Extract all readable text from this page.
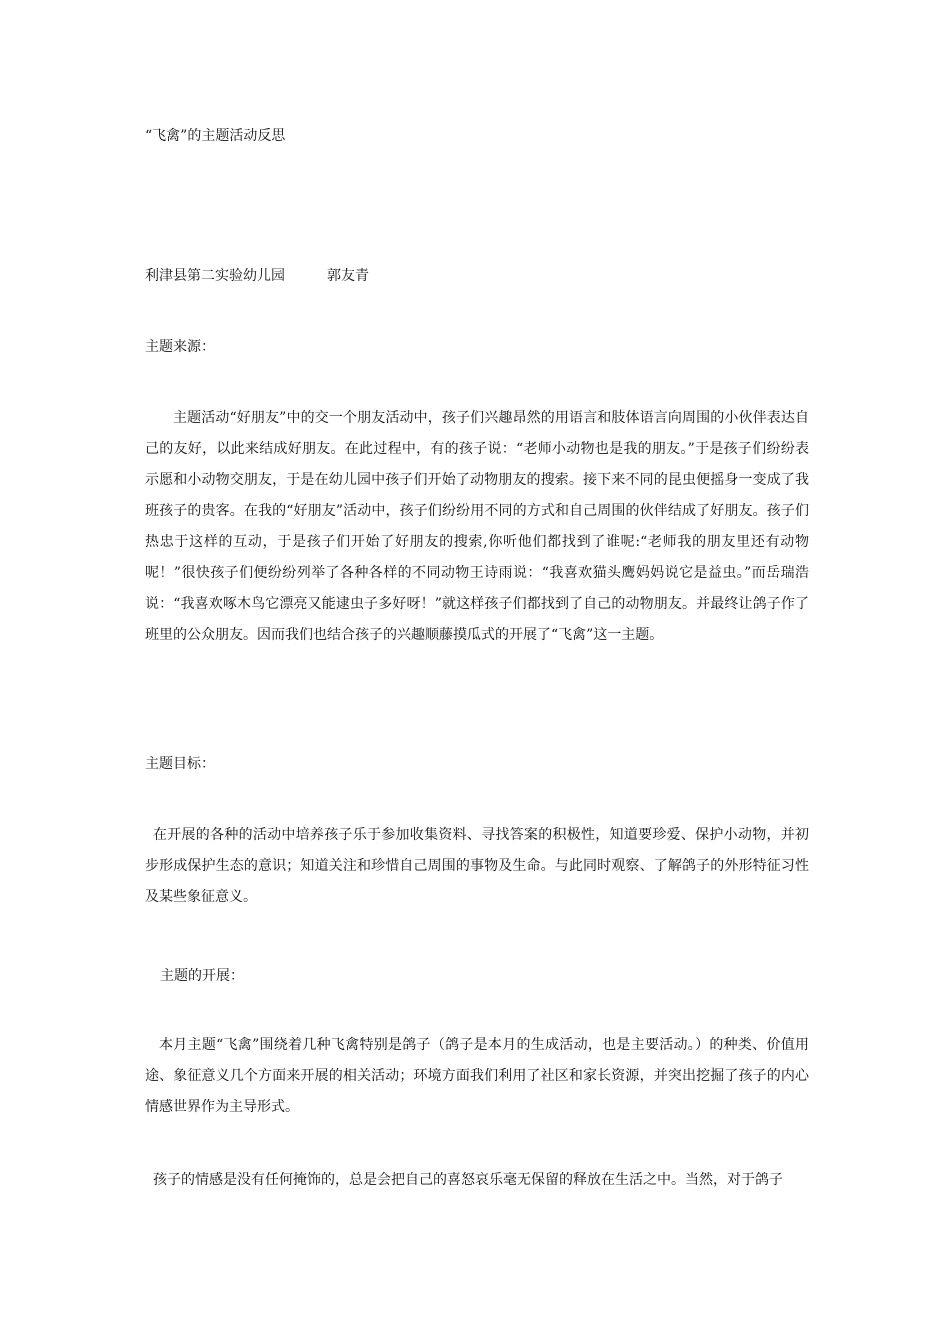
“飞禽”的主题活动反思
利津县第二实验幼儿园	郭友青
主题来源：
主题活动“好朋友”中的交一个朋友活动中，孩子们兴趣昂然的用语言和肢体语言向周围的小伙伴表达自己的友好，以此来结成好朋友。在此过程中，有的孩子说：“老师小动物也是我的朋友。”于是孩子们纷纷表示愿和小动物交朋友，于是在幼儿园中孩子们开始了动物朋友的搜索。接下来不同的昆虫便摇身一变成了我班孩子的贵客。在我的“好朋友”活动中，孩子们纷纷用不同的方式和自己周围的伙伴结成了好朋友。孩子们热忠于这样的互动，于是孩子们开始了好朋友的搜索,你听他们都找到了谁呢:“老师我的朋友里还有动物呢！”很快孩子们便纷纷列举了各种各样的不同动物王诗雨说：“我喜欢猫头鹰妈妈说它是益虫。”而岳瑞浩说：“我喜欢啄木鸟它漂亮又能逮虫子多好呀！”就这样孩子们都找到了自己的动物朋友。并最终让鸽子作了班里的公众朋友。因而我们也结合孩子的兴趣顺藤摸瓜式的开展了“飞禽”这一主题。
主题目标：
在开展的各种的活动中培养孩子乐于参加收集资料、寻找答案的积极性，知道要珍爱、保护小动物，并初步形成保护生态的意识；知道关注和珍惜自己周围的事物及生命。与此同时观察、了解鸽子的外形特征习性及某些象征意义。
主题的开展：
本月主题“飞禽”围绕着几种飞禽特别是鸽子（鸽子是本月的生成活动，也是主要活动。）的种类、价值用途、象征意义几个方面来开展的相关活动；环境方面我们利用了社区和家长资源，并突出挖掘了孩子的内心情感世界作为主导形式。
孩子的情感是没有任何掩饰的，总是会把自己的喜怒哀乐毫无保留的释放在生活之中。当然，对于鸽子
